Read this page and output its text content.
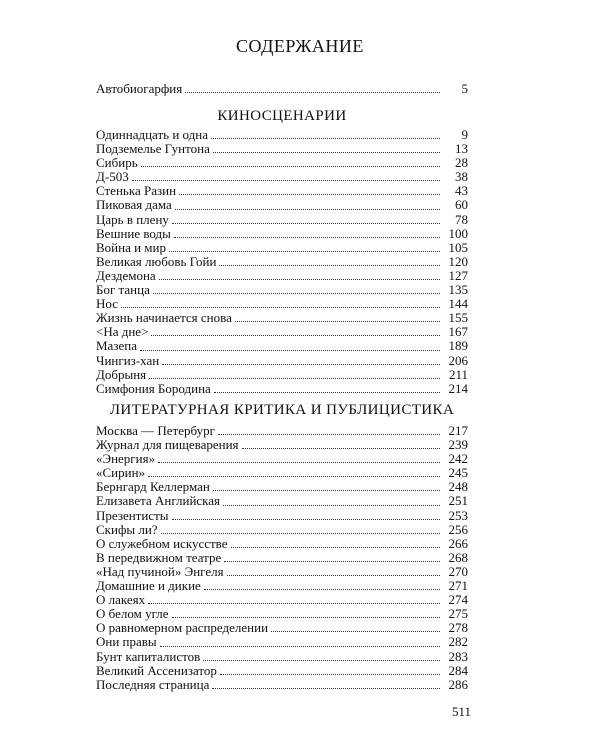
СОДЕРЖАНИЕ
Автобиогарфия	5
КИНОСЦЕНАРИИ
Одиннадцать и одна	9
Подземелье Гунтона	13
Сибирь	28
Д-503	38
Стенька Разин	43
Пиковая дама	60
Царь в плену	78
Вешние воды	100
Война и мир	105
Великая любовь Гойи	120
Дездемона	127
Бог танца	135
Нос	144
Жизнь начинается снова	155
<На дне>	167
Мазепа	189
Чингиз-хан	206
Добрыня	211
Симфония Бородина	214
ЛИТЕРАТУРНАЯ КРИТИКА И ПУБЛИЦИСТИКА
Москва — Петербург	217
Журнал для пищеварения	239
«Энергия»	242
«Сирин»	245
Бернгард Келлерман	248
Елизавета Английская	251
Презентисты	253
Скифы ли?	256
О служебном искусстве	266
В передвижном театре	268
«Над пучиной» Энгеля	270
Домашние и дикие	271
О лакеях	274
О белом угле	275
О равномерном распределении	278
Они правы	282
Бунт капиталистов	283
Великий Ассенизатор	284
Последняя страница	286
511
